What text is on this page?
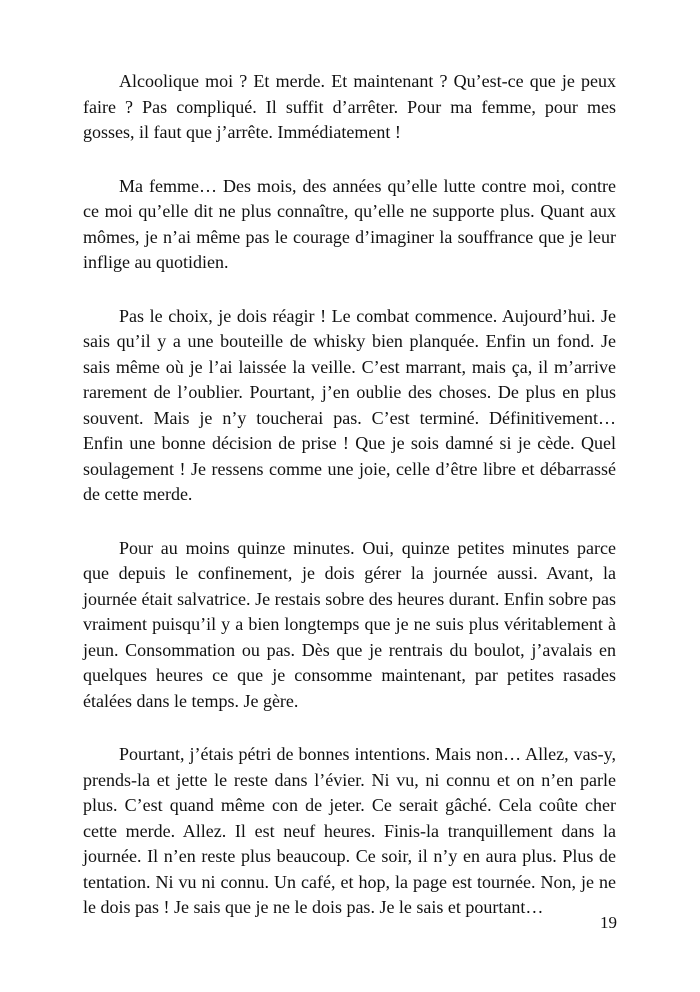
Alcoolique moi ? Et merde. Et maintenant ? Qu’est-ce que je peux faire ? Pas compliqué. Il suffit d’arrêter. Pour ma femme, pour mes gosses, il faut que j’arrête. Immédiatement !

Ma femme… Des mois, des années qu’elle lutte contre moi, contre ce moi qu’elle dit ne plus connaître, qu’elle ne supporte plus. Quant aux mômes, je n’ai même pas le courage d’imaginer la souffrance que je leur inflige au quotidien.

Pas le choix, je dois réagir ! Le combat commence. Aujourd’hui. Je sais qu’il y a une bouteille de whisky bien planquée. Enfin un fond. Je sais même où je l’ai laissée la veille. C’est marrant, mais ça, il m’arrive rarement de l’oublier. Pourtant, j’en oublie des choses. De plus en plus souvent. Mais je n’y toucherai pas. C’est terminé. Définitivement… Enfin une bonne décision de prise ! Que je sois damné si je cède. Quel soulagement ! Je ressens comme une joie, celle d’être libre et débarrassé de cette merde.

Pour au moins quinze minutes. Oui, quinze petites minutes parce que depuis le confinement, je dois gérer la journée aussi. Avant, la journée était salvatrice. Je restais sobre des heures durant. Enfin sobre pas vraiment puisqu’il y a bien longtemps que je ne suis plus véritablement à jeun. Consommation ou pas. Dès que je rentrais du boulot, j’avalais en quelques heures ce que je consomme maintenant, par petites rasades étalées dans le temps. Je gère.

Pourtant, j’étais pétri de bonnes intentions. Mais non… Allez, vas-y, prends-la et jette le reste dans l’évier. Ni vu, ni connu et on n’en parle plus. C’est quand même con de jeter. Ce serait gâché. Cela coûte cher cette merde. Allez. Il est neuf heures. Finis-la tranquillement dans la journée. Il n’en reste plus beaucoup. Ce soir, il n’y en aura plus. Plus de tentation. Ni vu ni connu. Un café, et hop, la page est tournée. Non, je ne le dois pas ! Je sais que je ne le dois pas. Je le sais et pourtant…

19
